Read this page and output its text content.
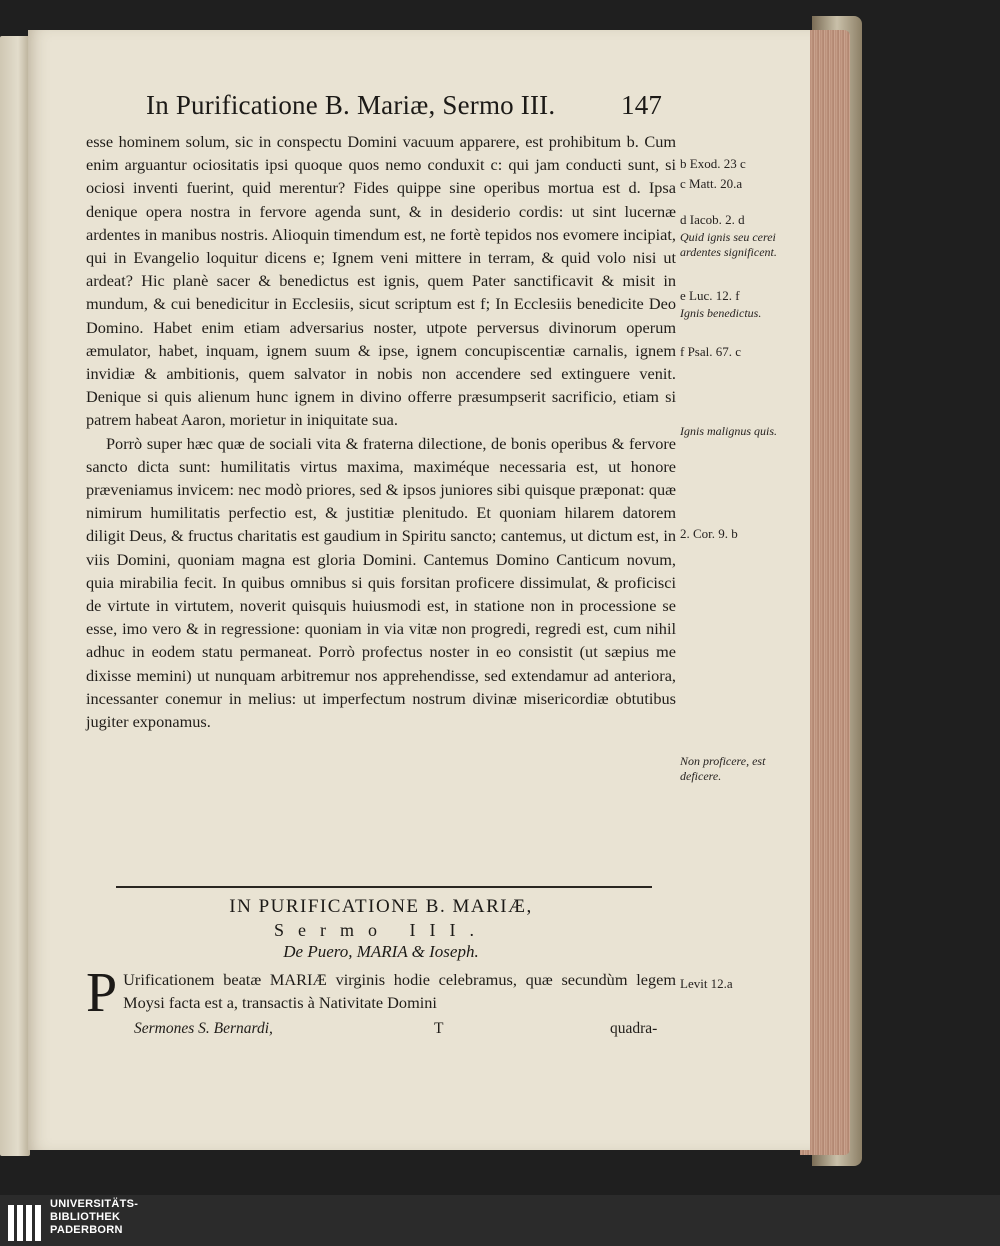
In Purificatione B. Mariæ, Sermo III. 147

esse hominem solum, sic in conspectu Domini vacuum apparere, est prohibitum b. Cum enim arguantur ociositatis ipsi quoque quos nemo conduxit c: qui jam conducti sunt, si ociosi inventi fuerint, quid merentur? Fides quippe sine operibus mortua est d. Ipsa denique opera nostra in fervore agenda sunt, & in desiderio cordis: ut sint lucernæ ardentes in manibus nostris. Alioquin timendum est, ne fortè tepidos nos evomere incipiat, qui in Evangelio loquitur dicens e; Ignem veni mittere in terram, & quid volo nisi ut ardeat? Hic planè sacer & benedictus est ignis, quem Pater sanctificavit & misit in mundum, & cui benedicitur in Ecclesiis, sicut scriptum est f; In Ecclesiis benedicite Deo Domino. Habet enim etiam adversarius noster, utpote perversus divinorum operum æmulator, habet, inquam, ignem suum & ipse, ignem concupiscentiæ carnalis, ignem invidiæ & ambitionis, quem salvator in nobis non accendere sed extinguere venit. Denique si quis alienum hunc ignem in divino offerre præsumpserit sacrificio, etiam si patrem habeat Aaron, morietur in iniquitate sua.

Porrò super hæc quæ de sociali vita & fraterna dilectione, de bonis operibus & fervore sancto dicta sunt: humilitatis virtus maxima, maximéque necessaria est, ut honore præveniamus invicem: nec modò priores, sed & ipsos juniores sibi quisque præponat: quæ nimirum humilitatis perfectio est, & justitiæ plenitudo. Et quoniam hilarem datorem diligit Deus, & fructus charitatis est gaudium in Spiritu sancto; cantemus, ut dictum est, in viis Domini, quoniam magna est gloria Domini. Cantemus Domino Canticum novum, quia mirabilia fecit. In quibus omnibus si quis forsitan proficere dissimulat, & proficisci de virtute in virtutem, noverit quisquis huiusmodi est, in statione non in processione se esse, imo vero & in regressione: quoniam in via vitæ non progredi, regredi est, cum nihil adhuc in eodem statu permaneat. Porrò profectus noster in eo consistit (ut sæpius me dixisse memini) ut nunquam arbitremur nos apprehendisse, sed extendamur ad anteriora, incessanter conemur in melius: ut imperfectum nostrum divinæ misericordiæ obtutibus jugiter exponamus.

IN PURIFICATIONE B. MARIÆ,
Sermo III.
De Puero, MARIA & Ioseph.
P Urificationem beatæ MARIÆ virginis hodie celebramus, quæ secundùm legem Moysi facta est a, transactis à Nativitate Domini
Sermones S. Bernardi,	T	quadra-
b Exod. 23 c
c Matt. 20.a
d Iacob. 2. d
Quid ignis seu cerei ardentes significent.
e Luc. 12. f
Ignis benedictus.
f Psal. 67. c
Ignis malignus quis.
2. Cor. 9. b
Non proficere, est deficere.
Levit 12.a
UNIVERSITÄTS-
BIBLIOTHEK
PADERBORN
